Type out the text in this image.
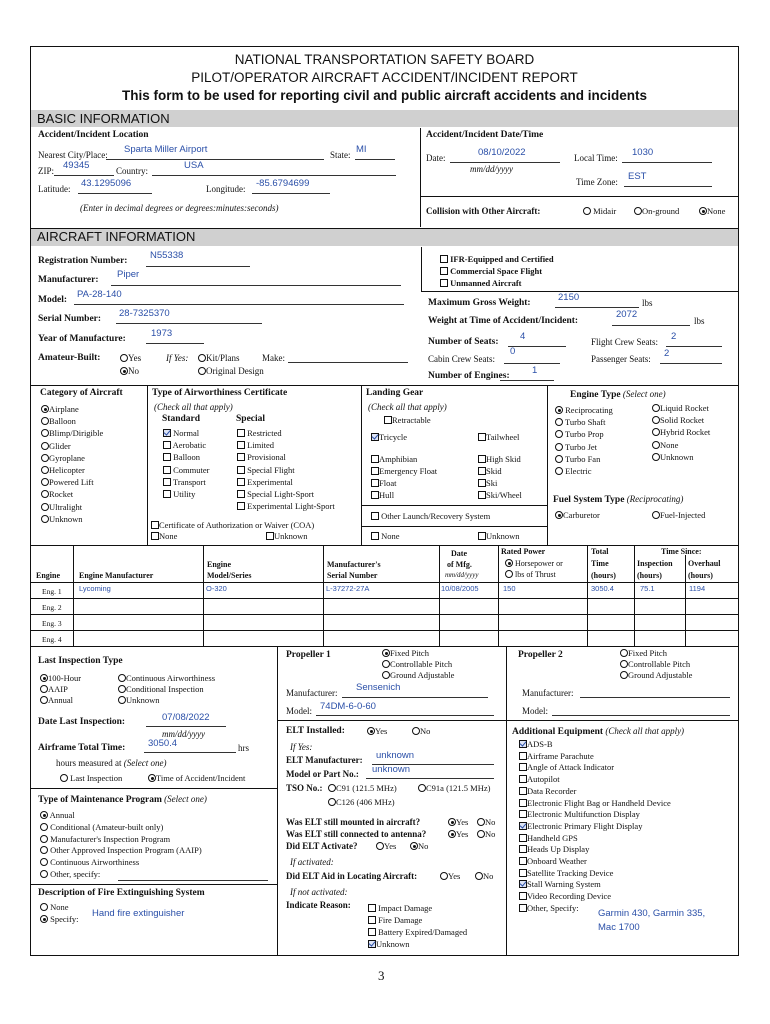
NATIONAL TRANSPORTATION SAFETY BOARD
PILOT/OPERATOR AIRCRAFT ACCIDENT/INCIDENT REPORT
This form to be used for reporting civil and public aircraft accidents and incidents
BASIC INFORMATION
Accident/Incident Location
Nearest City/Place: Sparta Miller Airport	State: MI
ZIP: 49345	Country:	USA
Latitude: 43.1295096	Longitude: -85.6794699
(Enter in decimal degrees or degrees:minutes:seconds)
Accident/Incident Date/Time
Date:	08/10/2022
mm/dd/yyyy
Local Time: 1030
Time Zone: EST
Collision with Other Aircraft:	Midair	On-ground	None
AIRCRAFT INFORMATION
Registration Number: N55338
Manufacturer: Piper
Model: PA-28-140
Serial Number: 28-7325370
Year of Manufacture:	1973
Amateur-Built:	Yes
No
If Yes:	Kit/Plans Make:
Original Design
IFR-Equipped and Certified
Commercial Space Flight
Unmanned Aircraft
Maximum Gross Weight:	2150	lbs
Weight at Time of Accident/Incident:
2072
lbs
Number of Seats: 4	Flight Crew Seats: 2
Cabin Crew Seats:
0
Passenger Seats: 2
Number of Engines: 1
Category of Aircraft
Airplane
Balloon
Blimp/Dirigible
Glider
Gyroplane
Helicopter
Powered Lift
Rocket
Ultralight
Unknown
Type of Airworthiness Certificate
(Check all that apply)
Standard	Special
Normal
Aerobatic
Balloon
Commuter
Transport
Utility
Restricted
Limited
Provisional
Special Flight
Experimental
Special Light-Sport
Experimental Light-Sport
Certificate of Authorization or Waiver (COA)
None	Unknown
Landing Gear
(Check all that apply)
Retractable
Tricycle	Tailwheel
Amphibian
Emergency Float
Float
Hull
High Skid
Skid
Ski
Ski/Wheel
Other Launch/Recovery System
None	Unknown
Engine Type (Select one)
Reciprocating
Turbo Shaft
Turbo Prop
Turbo Jet
Turbo Fan
Electric
Liquid Rocket
Solid Rocket
Hybrid Rocket
None
Unknown
Fuel System Type (Reciprocating)
Carburetor	Fuel-Injected
Engine Engine Manufacturer
Engine
Model/Series
Manufacturer's
Serial Number
Date
of Mfg.
mm/dd/yyyy
Rated Power
Horsepower or
lbs of Thrust
Total
Time
(hours)
Time Since:
Inspection
(hours)
Overhaul
(hours)
Eng. 1 Lycoming	O-320	L-37272-27A	10/08/2005	150	3050.4	75.1	1194
Eng. 2
Eng. 3
Eng. 4
Last Inspection Type
100-Hour
AAIP
Annual
Continuous Airworthiness
Conditional Inspection
Unknown
Date Last Inspection:	07/08/2022
mm/dd/yyyy
Airframe Total Time: 3050.4	hrs
hours measured at (Select one)
Last Inspection	Time of Accident/Incident
Type of Maintenance Program (Select one)
Annual
Conditional (Amateur-built only)
Manufacturer's Inspection Program
Other Approved Inspection Program (AAIP)
Continuous Airworthiness
Other, specify:
Description of Fire Extinguishing System
None
Specify: Hand fire extinguisher
Propeller 1	Fixed Pitch
Controllable Pitch
Ground Adjustable
Manufacturer: Sensenich
Model: 74DM-6-0-60
Propeller 2	Fixed Pitch
Controllable Pitch
Ground Adjustable
Manufacturer:
Model:
ELT Installed:	Yes	No
If Yes:
ELT Manufacturer: unknown
Model or Part No.: unknown
TSO No.:	C91 (121.5 MHz)	C91a (121.5 MHz)
C126 (406 MHz)
Was ELT still mounted in aircraft?	Yes	No
Was ELT still connected to antenna?	Yes	No
Did ELT Activate?	Yes	No
If activated:
Did ELT Aid in Locating Aircraft:	Yes	No
If not activated:
Indicate Reason:	Impact Damage
Fire Damage
Battery Expired/Damaged
Unknown
Additional Equipment (Check all that apply)
ADS-B
Airframe Parachute
Angle of Attack Indicator
Autopilot
Data Recorder
Electronic Flight Bag or Handheld Device
Electronic Multifunction Display
Electronic Primary Flight Display
Handheld GPS
Heads Up Display
Onboard Weather
Satellite Tracking Device
Stall Warning System
Video Recording Device
Other, Specify:
Garmin 430, Garmin 335,
Mac 1700
3
